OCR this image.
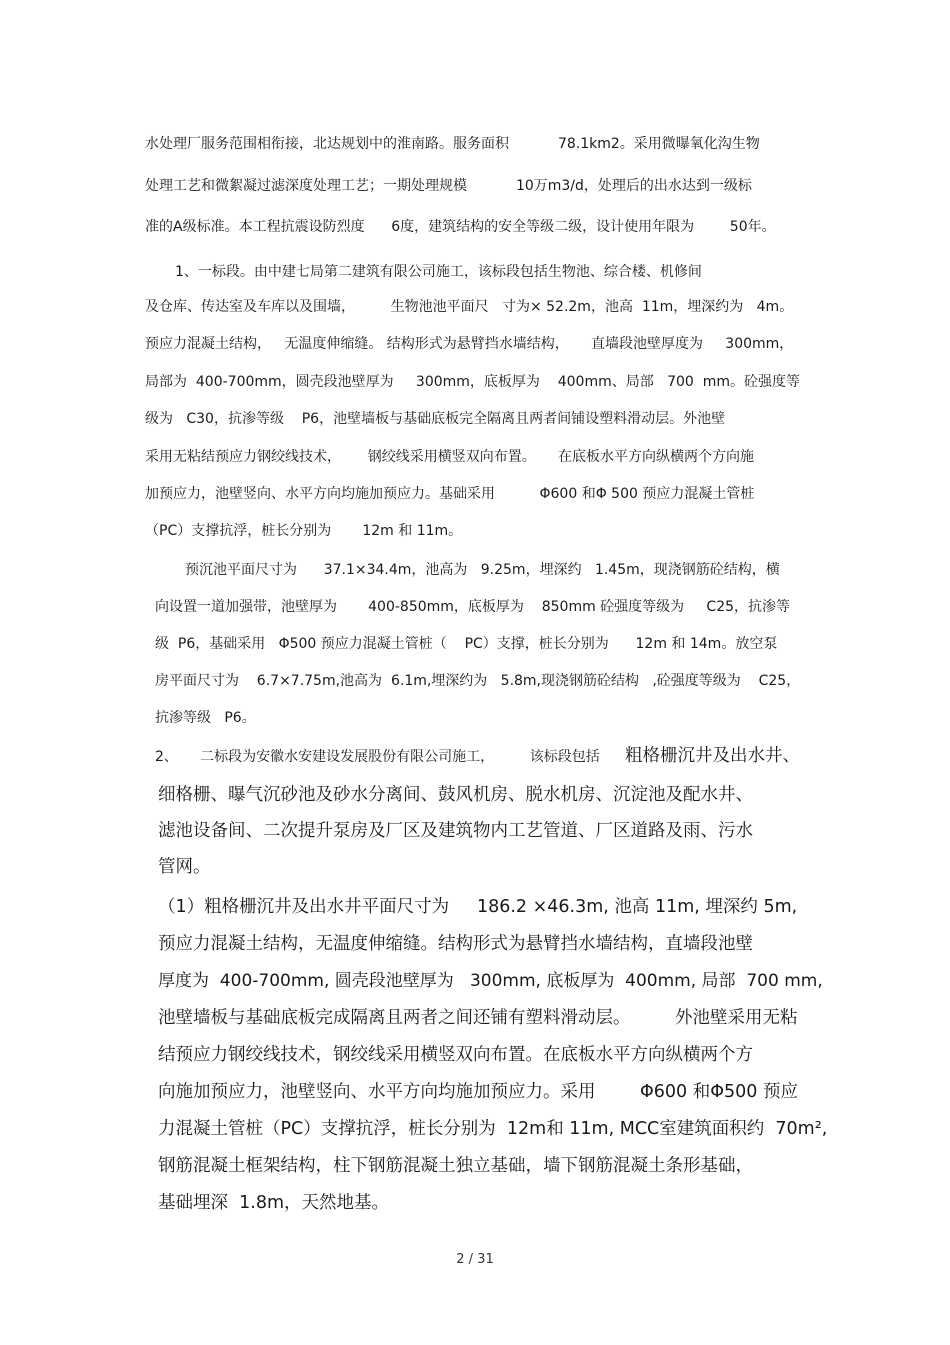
水处理厂服务范围相衔接，北达规划中的淮南路。服务面积           78.1km2。采用微曝氧化沟生物
处理工艺和微絮凝过滤深度处理工艺；一期处理规模           10万m3/d，处理后的出水达到一级标
准的A级标准。本工程抗震设防烈度      6度，建筑结构的安全等级二级，设计使用年限为        50年。
1、一标段。由中建七局第二建筑有限公司施工，该标段包括生物池、综合楼、机修间
及仓库、传达室及车库以及围墙，        生物池池平面尺   寸为× 52.2m，池高  11m，埋深约为   4m。
预应力混凝土结构，   无温度伸缩缝。 结构形式为悬臂挡水墙结构，     直墙段池壁厚度为     300mm，
局部为  400-700mm，圆壳段池壁厚为     300mm，底板厚为    400mm、局部   700  mm。砼强度等
级为   C30，抗渗等级    P6，池壁墙板与基础底板完全隔离且两者间铺设塑料滑动层。外池壁
采用无粘结预应力钢绞线技术，      钢绞线采用横竖双向布置。     在底板水平方向纵横两个方向施
加预应力，池壁竖向、水平方向均施加预应力。基础采用          Φ600 和Φ 500 预应力混凝土管桩
（PC）支撑抗浮，桩长分别为       12m 和 11m。
预沉池平面尺寸为      37.1×34.4m，池高为   9.25m，埋深约   1.45m，现浇钢筋砼结构，横
向设置一道加强带，池壁厚为       400-850mm，底板厚为    850mm 砼强度等级为     C25，抗渗等
级  P6，基础采用   Φ500 预应力混凝土管桩（    PC）支撑，桩长分别为      12m 和 14m。放空泵
房平面尺寸为    6.7×7.75m,池高为  6.1m,埋深约为   5.8m,现浇钢筋砼结构   ,砼强度等级为    C25，
抗渗等级   P6。
2、     二标段为安徽水安建设发展股份有限公司施工，        该标段包括 粗格栅沉井及出水井、
细格栅、曝气沉砂池及砂水分离间、鼓风机房、脱水机房、沉淀池及配水井、
滤池设备间、二次提升泵房及厂区及建筑物内工艺管道、厂区道路及雨、污水
管网。
（1）粗格栅沉井及出水井平面尺寸为     186.2 ×46.3m, 池高 11m, 埋深约 5m,
预应力混凝土结构，无温度伸缩缝。结构形式为悬臂挡水墙结构，直墙段池壁
厚度为  400-700mm, 圆壳段池壁厚为   300mm, 底板厚为  400mm, 局部  700 mm,
池壁墙板与基础底板完成隔离且两者之间还铺有塑料滑动层。        外池壁采用无粘
结预应力钢绞线技术，钢绞线采用横竖双向布置。在底板水平方向纵横两个方
向施加预应力，池壁竖向、水平方向均施加预应力。采用        Φ600 和Φ500 预应
力混凝土管桩（PC）支撑抗浮，桩长分别为  12m和 11m, MCC室建筑面积约  70m²,
钢筋混凝土框架结构，柱下钢筋混凝土独立基础，墙下钢筋混凝土条形基础，
基础埋深  1.8m，天然地基。
2 / 31
